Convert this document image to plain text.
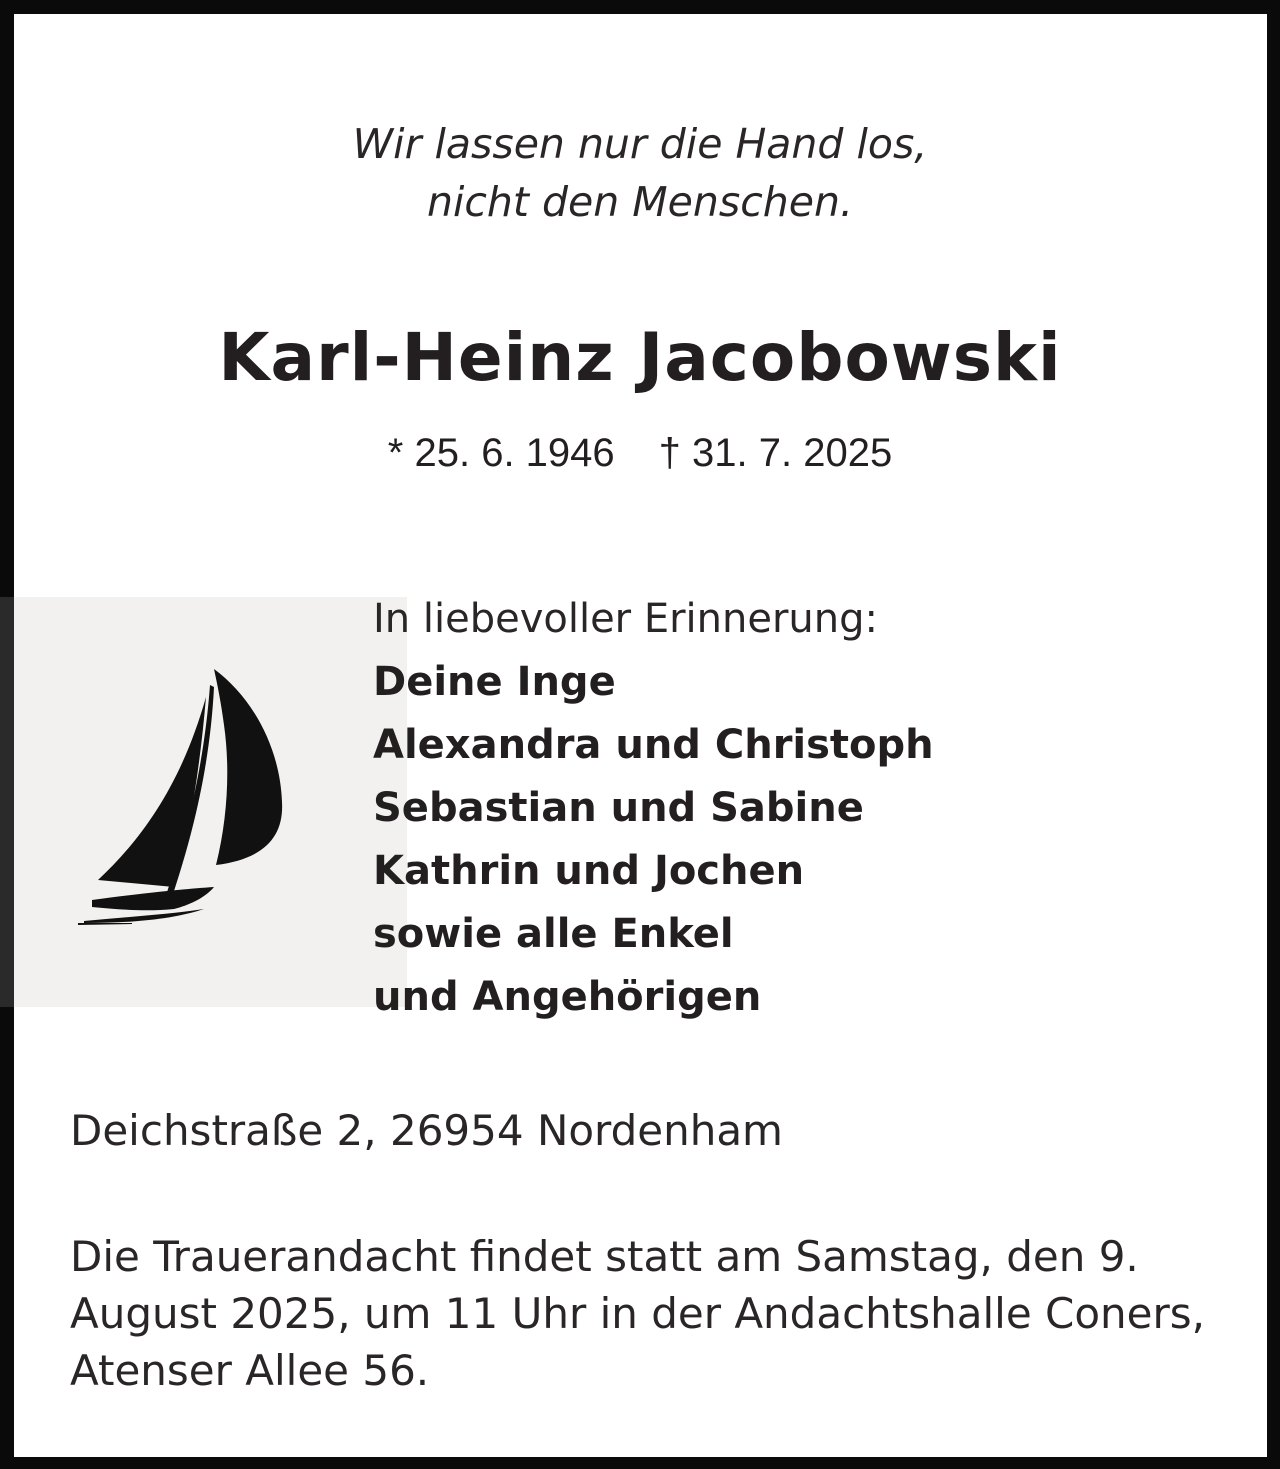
Wir lassen nur die Hand los,
nicht den Menschen.
Karl-Heinz Jacobowski
* 25. 6. 1946 † 31. 7. 2025
In liebevoller Erinnerung:
Deine Inge
Alexandra und Christoph
Sebastian und Sabine
Kathrin und Jochen
sowie alle Enkel
und Angehörigen
Deichstraße 2, 26954 Nordenham
Die Trauerandacht findet statt am Samstag, den 9. August 2025, um 11 Uhr in der Andachtshalle Coners, Atenser Allee 56.
